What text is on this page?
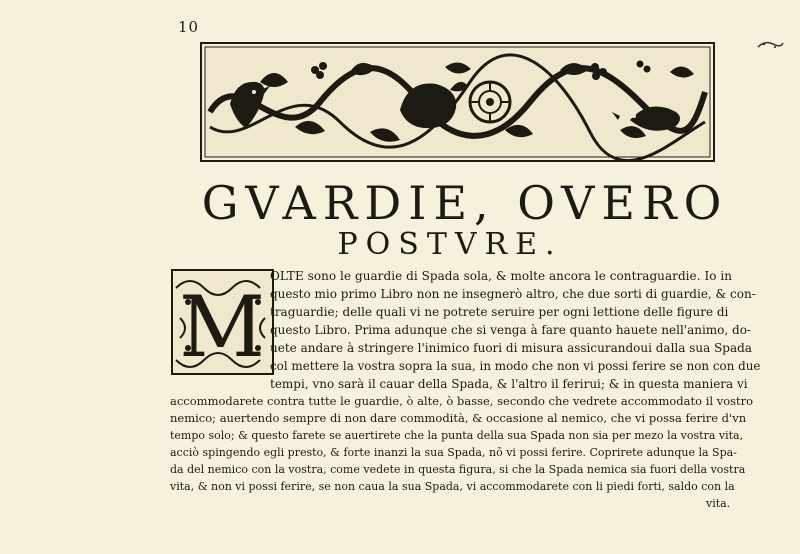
10
GVARDIE, OVERO
POSTVRE.
M
OLTE sono le guardie di Spada sola, & molte ancora le contraguardie. Io in
questo mio primo Libro non ne insegnerò altro, che due sorti di guardie, & con-
traguardie; delle quali vi ne potrete seruire per ogni lettione delle figure di
questo Libro. Prima adunque che si venga à fare quanto hauete nell'animo, do-
uete andare à stringere l'inimico fuori di misura assicurandoui dalla sua Spada
col mettere la vostra sopra la sua, in modo che non vi possi ferire se non con due
tempi, vno sarà il cauar della Spada, & l'altro il ferirui; & in questa maniera vi
accommodarete contra tutte le guardie, ò alte, ò basse, secondo che vedrete accommodato il vostro
nemico; auertendo sempre di non dare commodità, & occasione al nemico, che vi possa ferire d'vn
tempo solo; & questo farete se auertirete che la punta della sua Spada non sia per mezo la vostra vita,
acciò spingendo egli presto, & forte inanzi la sua Spada, nõ vi possi ferire. Coprirete adunque la Spa-
da del nemico con la vostra, come vedete in questa figura, si che la Spada nemica sia fuori della vostra
vita, & non vi possi ferire, se non caua la sua Spada, vi accommodarete con li piedi forti, saldo con la
vita.
